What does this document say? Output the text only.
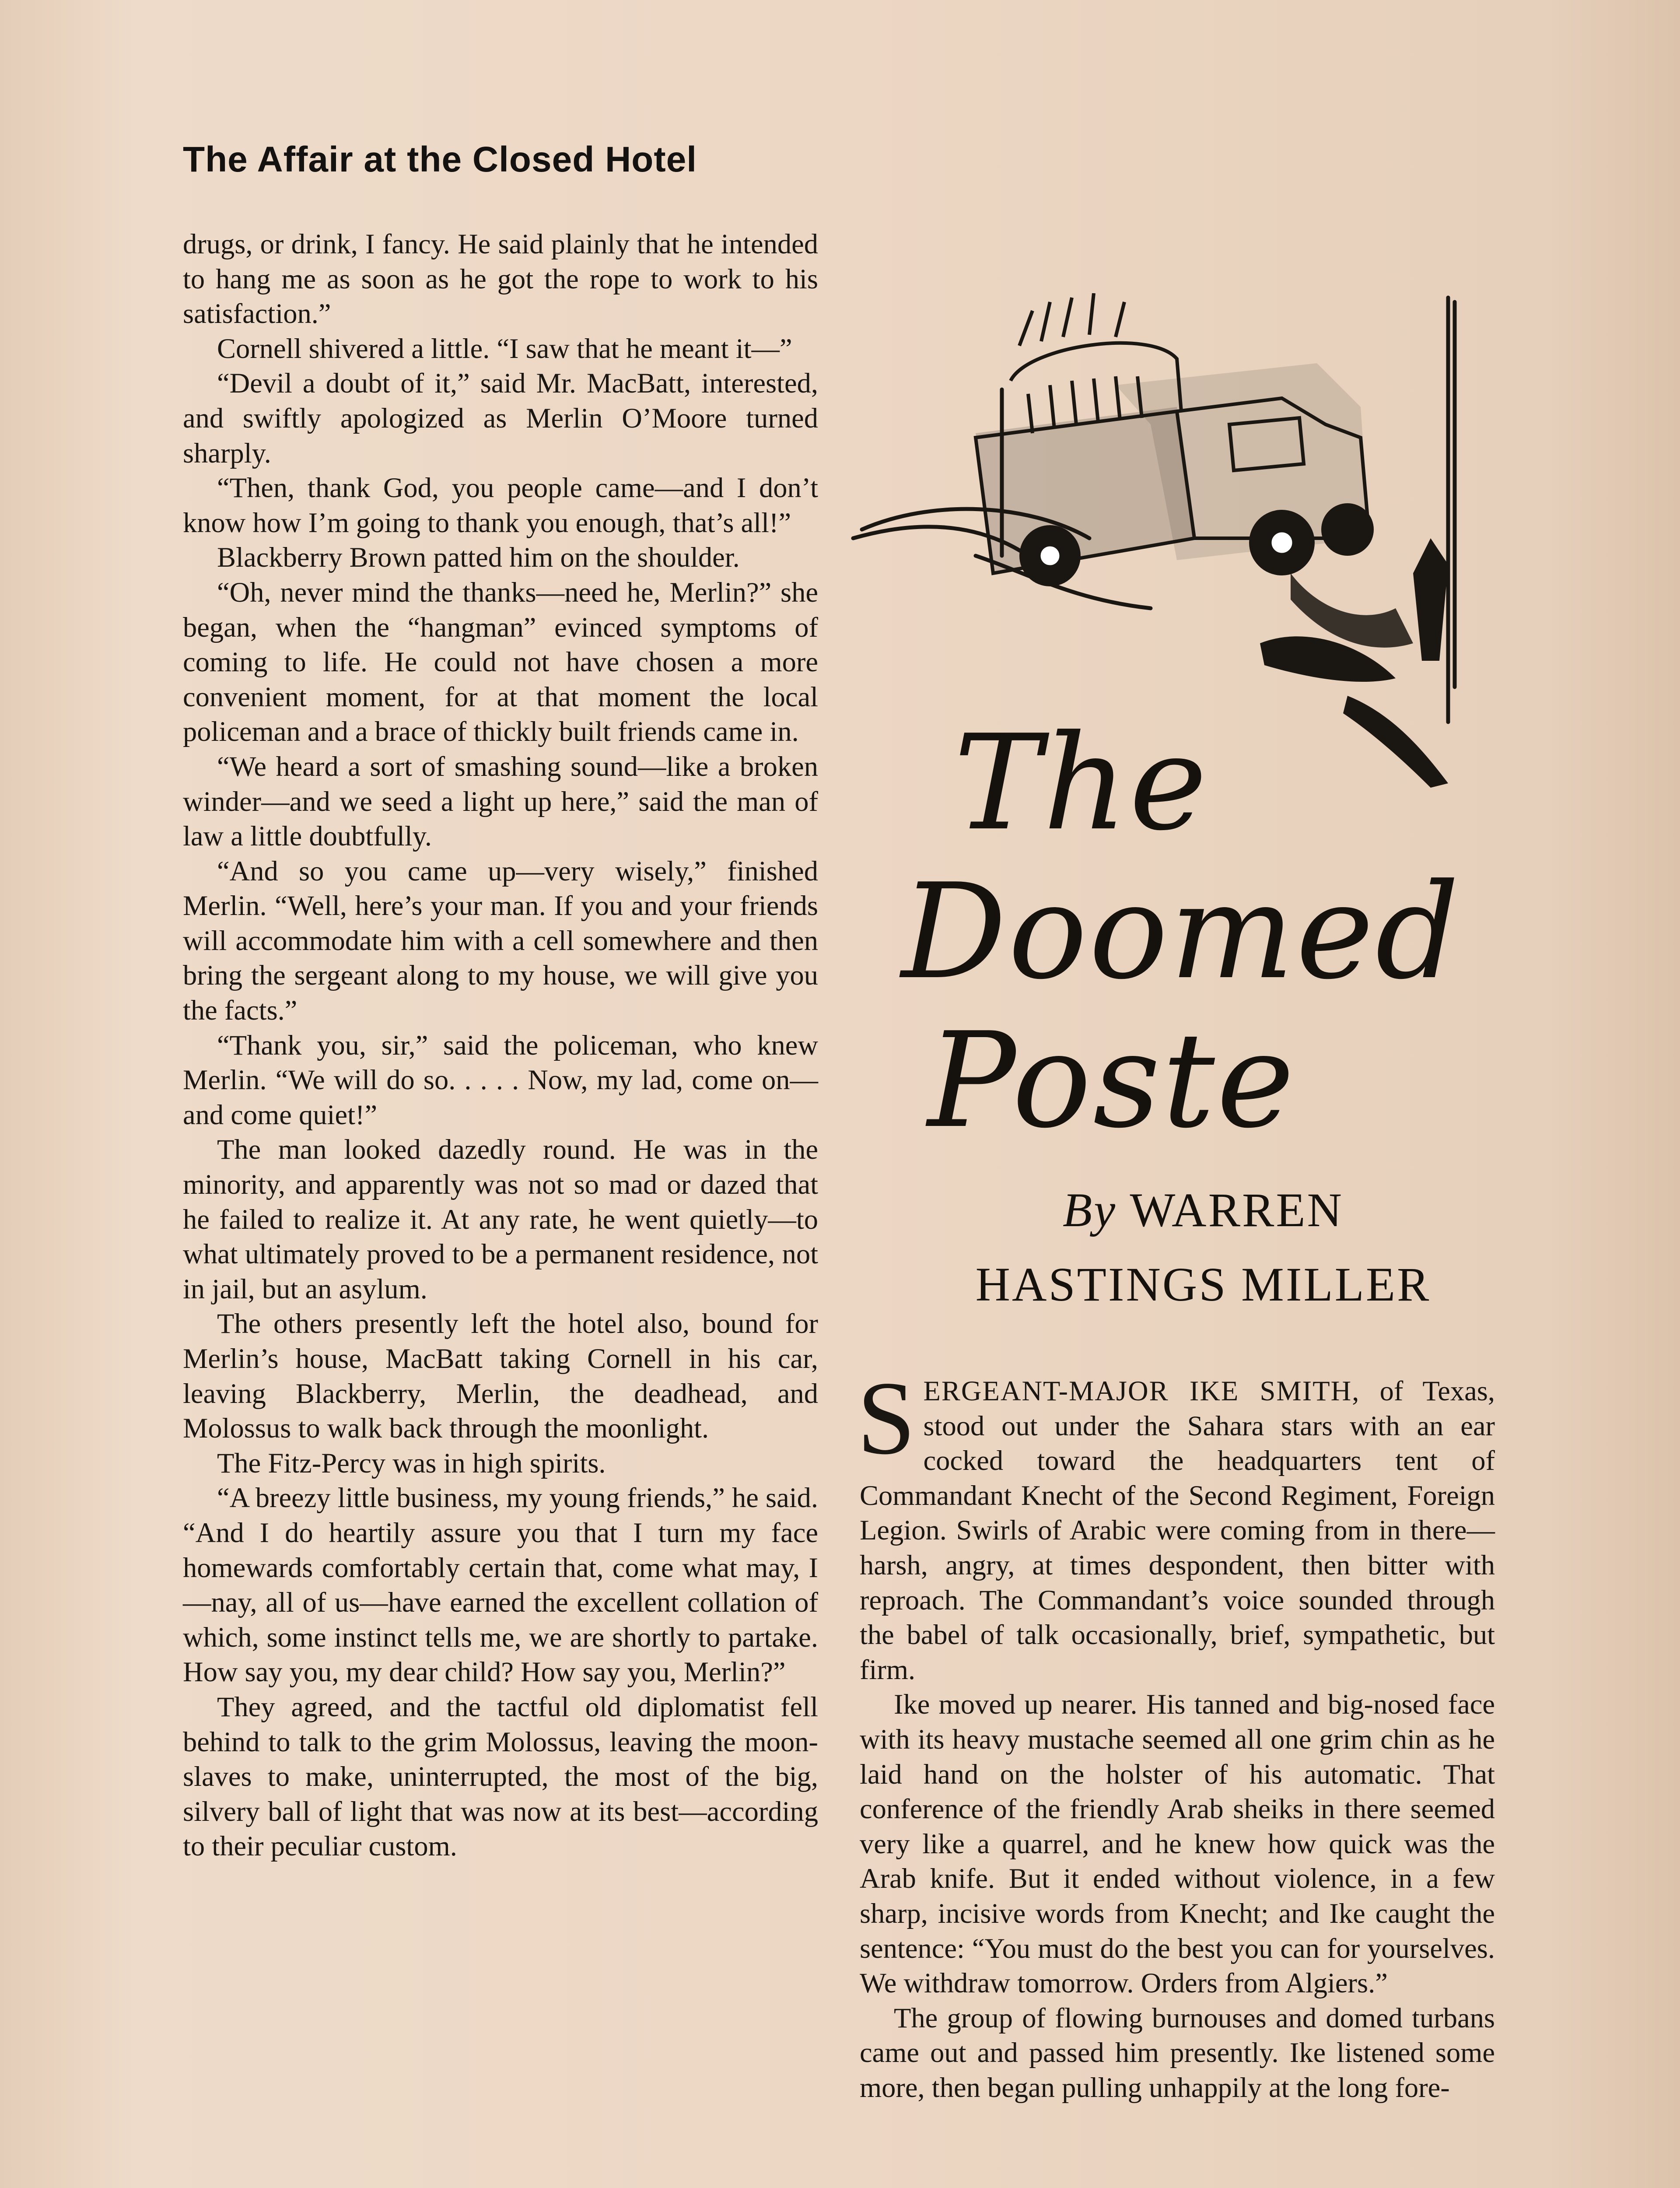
The Affair at the Closed Hotel

drugs, or drink, I fancy. He said plainly that he intended to hang me as soon as he got the rope to work to his satisfaction.”

Cornell shivered a little. “I saw that he meant it—”

“Devil a doubt of it,” said Mr. MacBatt, interested, and swiftly apologized as Merlin O’Moore turned sharply.

“Then, thank God, you people came—and I don’t know how I’m going to thank you enough, that’s all!”

Blackberry Brown patted him on the shoulder.

“Oh, never mind the thanks—need he, Merlin?” she began, when the “hangman” evinced symptoms of coming to life. He could not have chosen a more convenient moment, for at that moment the local policeman and a brace of thickly built friends came in.

“We heard a sort of smashing sound—like a broken winder—and we seed a light up here,” said the man of law a little doubtfully.

“And so you came up—very wisely,” finished Merlin. “Well, here’s your man. If you and your friends will accommodate him with a cell somewhere and then bring the sergeant along to my house, we will give you the facts.”

“Thank you, sir,” said the policeman, who knew Merlin. “We will do so. . . . . Now, my lad, come on—and come quiet!”

The man looked dazedly round. He was in the minority, and apparently was not so mad or dazed that he failed to realize it. At any rate, he went quietly—to what ultimately proved to be a permanent residence, not in jail, but an asylum.

The others presently left the hotel also, bound for Merlin’s house, MacBatt taking Cornell in his car, leaving Blackberry, Merlin, the deadhead, and Molossus to walk back through the moonlight.

The Fitz-Percy was in high spirits.

“A breezy little business, my young friends,” he said. “And I do heartily assure you that I turn my face homewards comfortably certain that, come what may, I—nay, all of us—have earned the excellent collation of which, some instinct tells me, we are shortly to partake. How say you, my dear child? How say you, Merlin?”

They agreed, and the tactful old diplomatist fell behind to talk to the grim Molossus, leaving the moon-slaves to make, uninterrupted, the most of the big, silvery ball of light that was now at its best—according to their peculiar custom.

The
Doomed
Poste
By WARREN
HASTINGS MILLER

SERGEANT-MAJOR IKE SMITH, of Texas, stood out under the Sahara stars with an ear cocked toward the headquarters tent of Commandant Knecht of the Second Regiment, Foreign Legion. Swirls of Arabic were coming from in there—harsh, angry, at times despondent, then bitter with reproach. The Commandant’s voice sounded through the babel of talk occasionally, brief, sympathetic, but firm.

Ike moved up nearer. His tanned and big-nosed face with its heavy mustache seemed all one grim chin as he laid hand on the holster of his automatic. That conference of the friendly Arab sheiks in there seemed very like a quarrel, and he knew how quick was the Arab knife. But it ended without violence, in a few sharp, incisive words from Knecht; and Ike caught the sentence: “You must do the best you can for yourselves. We withdraw tomorrow. Orders from Algiers.”

The group of flowing burnouses and domed turbans came out and passed him presently. Ike listened some more, then began pulling unhappily at the long fore-
